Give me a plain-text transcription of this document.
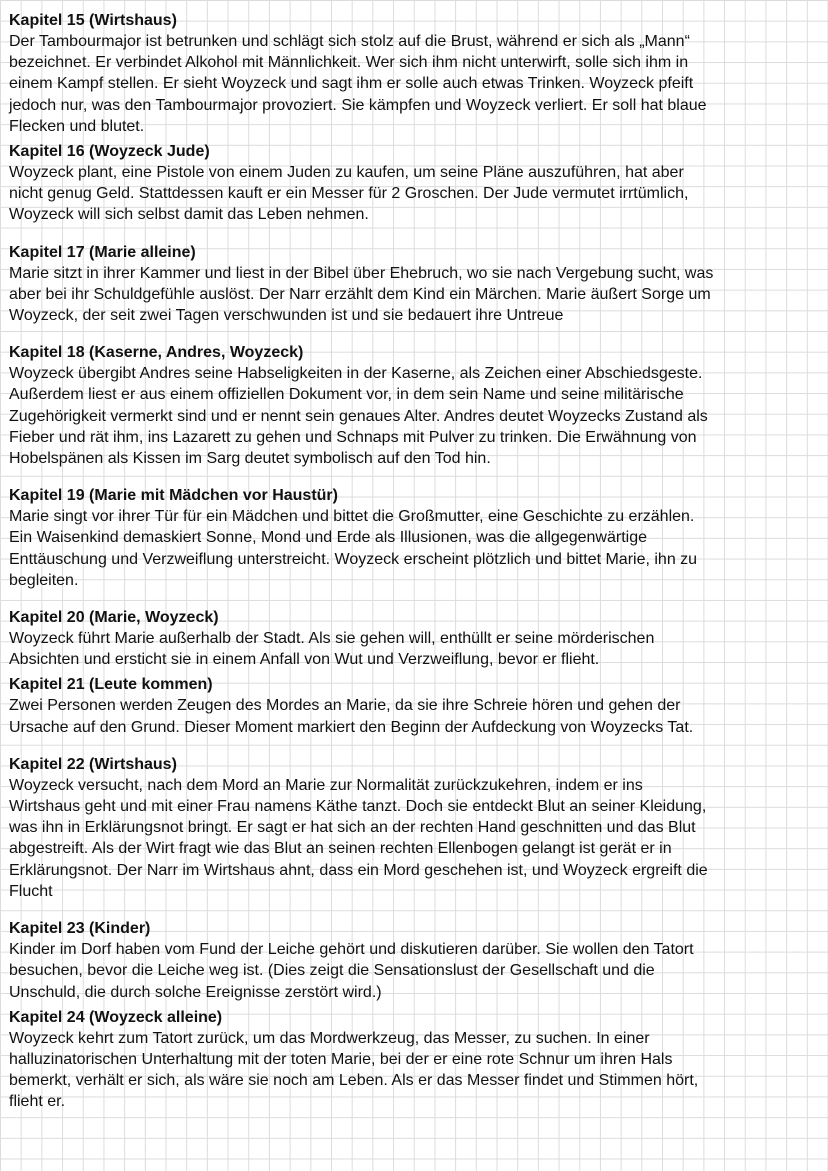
Kapitel 15 (Wirtshaus)

Der Tambourmajor ist betrunken und schlägt sich stolz auf die Brust, während er sich als „Mann“
bezeichnet. Er verbindet Alkohol mit Männlichkeit. Wer sich ihm nicht unterwirft, solle sich ihm in
einem Kampf stellen. Er sieht Woyzeck und sagt ihm er solle auch etwas Trinken. Woyzeck pfeift
jedoch nur, was den Tambourmajor provoziert. Sie kämpfen und Woyzeck verliert. Er soll hat blaue
Flecken und blutet.

Kapitel 16 (Woyzeck Jude)

Woyzeck plant, eine Pistole von einem Juden zu kaufen, um seine Pläne auszuführen, hat aber
nicht genug Geld. Stattdessen kauft er ein Messer für 2 Groschen. Der Jude vermutet irrtümlich,
Woyzeck will sich selbst damit das Leben nehmen.

Kapitel 17 (Marie alleine)

Marie sitzt in ihrer Kammer und liest in der Bibel über Ehebruch, wo sie nach Vergebung sucht, was
aber bei ihr Schuldgefühle auslöst. Der Narr erzählt dem Kind ein Märchen. Marie äußert Sorge um
Woyzeck, der seit zwei Tagen verschwunden ist und sie bedauert ihre Untreue

Kapitel 18 (Kaserne, Andres, Woyzeck)

Woyzeck übergibt Andres seine Habseligkeiten in der Kaserne, als Zeichen einer Abschiedsgeste.
Außerdem liest er aus einem offiziellen Dokument vor, in dem sein Name und seine militärische
Zugehörigkeit vermerkt sind und er nennt sein genaues Alter. Andres deutet Woyzecks Zustand als
Fieber und rät ihm, ins Lazarett zu gehen und Schnaps mit Pulver zu trinken. Die Erwähnung von
Hobelspänen als Kissen im Sarg deutet symbolisch auf den Tod hin.

Kapitel 19 (Marie mit Mädchen vor Haustür)

Marie singt vor ihrer Tür für ein Mädchen und bittet die Großmutter, eine Geschichte zu erzählen.
Ein Waisenkind demaskiert Sonne, Mond und Erde als Illusionen, was die allgegenwärtige
Enttäuschung und Verzweiflung unterstreicht. Woyzeck erscheint plötzlich und bittet Marie, ihn zu
begleiten.

Kapitel 20 (Marie, Woyzeck)

Woyzeck führt Marie außerhalb der Stadt. Als sie gehen will, enthüllt er seine mörderischen
Absichten und ersticht sie in einem Anfall von Wut und Verzweiflung, bevor er flieht.

Kapitel 21 (Leute kommen)

Zwei Personen werden Zeugen des Mordes an Marie, da sie ihre Schreie hören und gehen der
Ursache auf den Grund. Dieser Moment markiert den Beginn der Aufdeckung von Woyzecks Tat.

Kapitel 22 (Wirtshaus)

Woyzeck versucht, nach dem Mord an Marie zur Normalität zurückzukehren, indem er ins
Wirtshaus geht und mit einer Frau namens Käthe tanzt. Doch sie entdeckt Blut an seiner Kleidung,
was ihn in Erklärungsnot bringt. Er sagt er hat sich an der rechten Hand geschnitten und das Blut
abgestreift. Als der Wirt fragt wie das Blut an seinen rechten Ellenbogen gelangt ist gerät er in
Erklärungsnot. Der Narr im Wirtshaus ahnt, dass ein Mord geschehen ist, und Woyzeck ergreift die
Flucht

Kapitel 23 (Kinder)

Kinder im Dorf haben vom Fund der Leiche gehört und diskutieren darüber. Sie wollen den Tatort
besuchen, bevor die Leiche weg ist. (Dies zeigt die Sensationslust der Gesellschaft und die
Unschuld, die durch solche Ereignisse zerstört wird.)

Kapitel 24 (Woyzeck alleine)

Woyzeck kehrt zum Tatort zurück, um das Mordwerkzeug, das Messer, zu suchen. In einer
halluzinatorischen Unterhaltung mit der toten Marie, bei der er eine rote Schnur um ihren Hals
bemerkt, verhält er sich, als wäre sie noch am Leben. Als er das Messer findet und Stimmen hört,
flieht er.
